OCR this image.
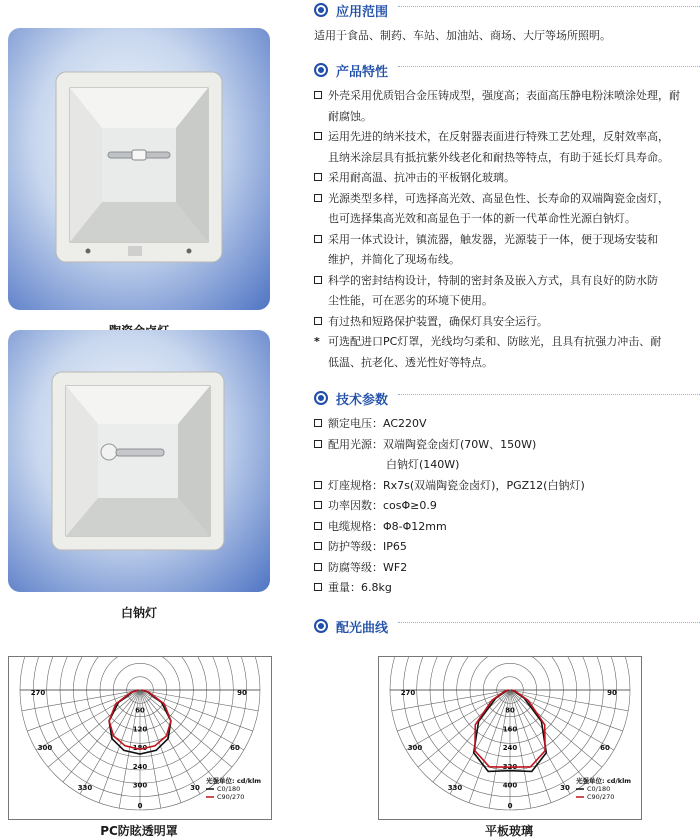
白钠灯
60
120
180
240
300
270	90
300	60
330	30
0
光强单位: cd/klm
C0/180
C90/270
PC防眩透明罩
80
160
240
320
400
270	90
300	60
330	30
0
光强单位: cd/klm
C0/180
C90/270
平板玻璃
应用范围
适用于食品、制药、车站、加油站、商场、大厅等场所照明。
产品特性
外壳采用优质铝合金压铸成型，强度高；表面高压静电粉沫喷涂处理，耐
耐腐蚀。
运用先进的纳米技术，在反射器表面进行特殊工艺处理，反射效率高，
且纳米涂层具有抵抗紫外线老化和耐热等特点，有助于延长灯具寿命。
采用耐高温、抗冲击的平板钢化玻璃。
光源类型多样，可选择高光效、高显色性、长寿命的双端陶瓷金卤灯，
也可选择集高光效和高显色于一体的新一代革命性光源白钠灯。
采用一体式设计，镇流器，触发器，光源装于一体，便于现场安装和
维护，并简化了现场布线。
科学的密封结构设计，特制的密封条及嵌入方式，具有良好的防水防
尘性能，可在恶劣的环境下使用。
有过热和短路保护装置，确保灯具安全运行。
* 可选配进口PC灯罩，光线均匀柔和、防眩光，且具有抗强力冲击、耐
低温、抗老化、透光性好等特点。
技术参数
额定电压：AC220V
配用光源：双端陶瓷金卤灯(70W、150W)
白钠灯(140W)
灯座规格：Rx7s(双端陶瓷金卤灯)，PGZ12(白钠灯)
功率因数：cosΦ≥0.9
电缆规格：Φ8-Φ12mm
防护等级：IP65
防腐等级：WF2
重量：6.8kg
配光曲线
